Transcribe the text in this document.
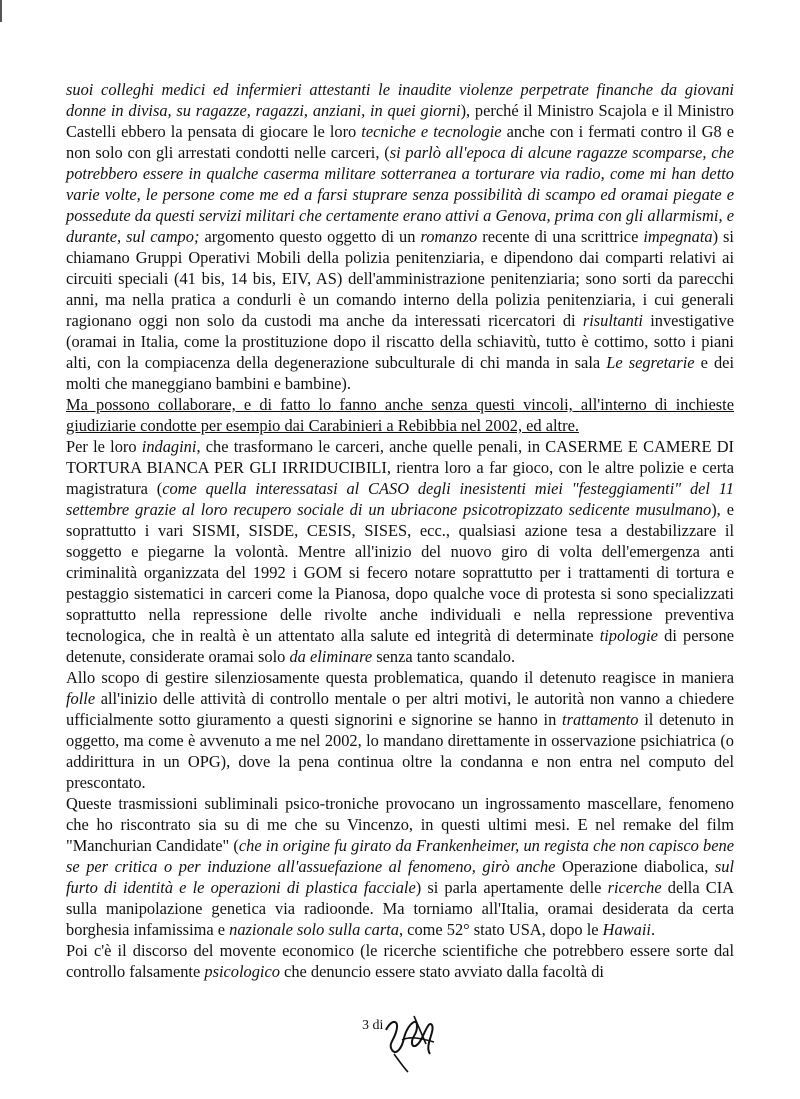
suoi colleghi medici ed infermieri attestanti le inaudite violenze perpetrate finanche da giovani donne in divisa, su ragazze, ragazzi, anziani, in quei giorni), perché il Ministro Scajola e il Ministro Castelli ebbero la pensata di giocare le loro tecniche e tecnologie anche con i fermati contro il G8 e non solo con gli arrestati condotti nelle carceri, (si parlò all'epoca di alcune ragazze scomparse, che potrebbero essere in qualche caserma militare sotterranea a torturare via radio, come mi han detto varie volte, le persone come me ed a farsi stuprare senza possibilità di scampo ed oramai piegate e possedute da questi servizi militari che certamente erano attivi a Genova, prima con gli allarmismi, e durante, sul campo; argomento questo oggetto di un romanzo recente di una scrittrice impegnata) si chiamano Gruppi Operativi Mobili della polizia penitenziaria, e dipendono dai comparti relativi ai circuiti speciali (41 bis, 14 bis, EIV, AS) dell'amministrazione penitenziaria; sono sorti da parecchi anni, ma nella pratica a condurli è un comando interno della polizia penitenziaria, i cui generali ragionano oggi non solo da custodi ma anche da interessati ricercatori di risultanti investigative (oramai in Italia, come la prostituzione dopo il riscatto della schiavitù, tutto è cottimo, sotto i piani alti, con la compiacenza della degenerazione subculturale di chi manda in sala Le segretarie e dei molti che maneggiano bambini e bambine).

Ma possono collaborare, e di fatto lo fanno anche senza questi vincoli, all'interno di inchieste giudiziarie condotte per esempio dai Carabinieri a Rebibbia nel 2002, ed altre.

Per le loro indagini, che trasformano le carceri, anche quelle penali, in CASERME E CAMERE DI TORTURA BIANCA PER GLI IRRIDUCIBILI, rientra loro a far gioco, con le altre polizie e certa magistratura (come quella interessatasi al CASO degli inesistenti miei "festeggiamenti" del 11 settembre grazie al loro recupero sociale di un ubriacone psicotropizzato sedicente musulmano), e soprattutto i vari SISMI, SISDE, CESIS, SISES, ecc., qualsiasi azione tesa a destabilizzare il soggetto e piegarne la volontà. Mentre all'inizio del nuovo giro di volta dell'emergenza anti criminalità organizzata del 1992 i GOM si fecero notare soprattutto per i trattamenti di tortura e pestaggio sistematici in carceri come la Pianosa, dopo qualche voce di protesta si sono specializzati soprattutto nella repressione delle rivolte anche individuali e nella repressione preventiva tecnologica, che in realtà è un attentato alla salute ed integrità di determinate tipologie di persone detenute, considerate oramai solo da eliminare senza tanto scandalo.

Allo scopo di gestire silenziosamente questa problematica, quando il detenuto reagisce in maniera folle all'inizio delle attività di controllo mentale o per altri motivi, le autorità non vanno a chiedere ufficialmente sotto giuramento a questi signorini e signorine se hanno in trattamento il detenuto in oggetto, ma come è avvenuto a me nel 2002, lo mandano direttamente in osservazione psichiatrica (o addirittura in un OPG), dove la pena continua oltre la condanna e non entra nel computo del prescontato.

Queste trasmissioni subliminali psico-troniche provocano un ingrossamento mascellare, fenomeno che ho riscontrato sia su di me che su Vincenzo, in questi ultimi mesi. E nel remake del film "Manchurian Candidate" (che in origine fu girato da Frankenheimer, un regista che non capisco bene se per critica o per induzione all'assuefazione al fenomeno, girò anche Operazione diabolica, sul furto di identità e le operazioni di plastica facciale) si parla apertamente delle ricerche della CIA sulla manipolazione genetica via radioonde. Ma torniamo all'Italia, oramai desiderata da certa borghesia infamissima e nazionale solo sulla carta, come 52° stato USA, dopo le Hawaii.

Poi c'è il discorso del movente economico (le ricerche scientifiche che potrebbero essere sorte dal controllo falsamente psicologico che denuncio essere stato avviato dalla facoltà di

3 di
